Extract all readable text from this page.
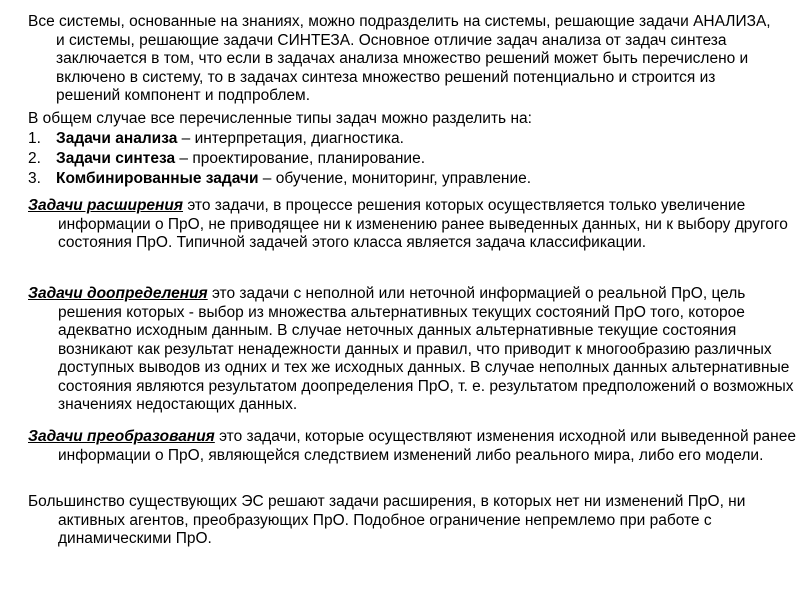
Все системы, основанные на знаниях, можно подразделить на системы, решающие задачи АНАЛИЗА, и системы, решающие задачи СИНТЕЗА. Основное отличие задач анализа от задач синтеза заключается в том, что если в задачах анализа множество решений может быть перечислено и включено в систему, то в задачах синтеза множество решений потенциально и строится из решений компонент и подпроблем.

В общем случае все перечисленные типы задач можно разделить на:

1. Задачи анализа – интерпретация, диагностика.
2. Задачи синтеза – проектирование, планирование.
3. Комбинированные задачи – обучение, мониторинг, управление.

Задачи расширения это задачи, в процессе решения которых осуществляется только увеличение информации о ПрО, не приводящее ни к изменению ранее выведенных данных, ни к выбору другого состояния ПрО. Типичной задачей этого класса является задача классификации.

Задачи доопределения это задачи с неполной или неточной информацией о реальной ПрО, цель решения которых - выбор из множества альтернативных текущих состояний ПрО того, которое адекватно исходным данным. В случае неточных данных альтернативные текущие состояния возникают как результат ненадежности данных и правил, что приводит к многообразию различных доступных выводов из одних и тех же исходных данных. В случае неполных данных альтернативные состояния являются результатом доопределения ПрО, т. е. результатом предположений о возможных значениях недостающих данных.

Задачи преобразования это задачи, которые осуществляют изменения исходной или выведенной ранее информации о ПрО, являющейся следствием изменений либо реального мира, либо его модели.

Большинство существующих ЭС решают задачи расширения, в которых нет ни изменений ПрО, ни активных агентов, преобразующих ПрО. Подобное ограничение непремлемо при работе с динамическими ПрО.
